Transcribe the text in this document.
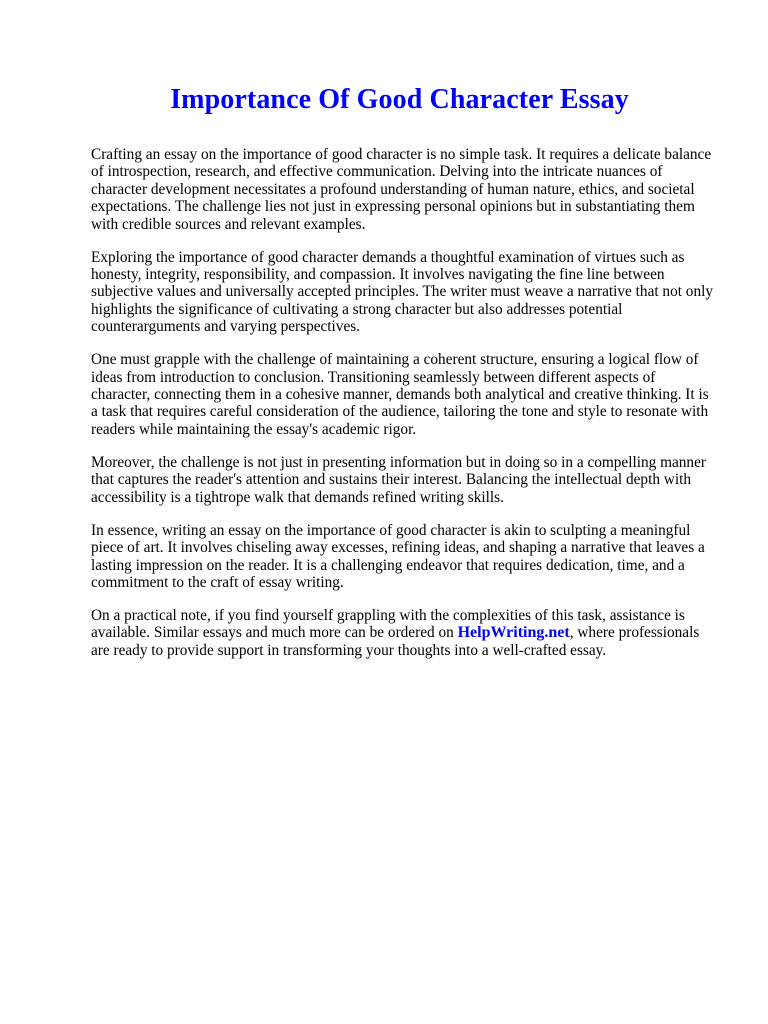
Importance Of Good Character Essay

Crafting an essay on the importance of good character is no simple task. It requires a delicate balance of introspection, research, and effective communication. Delving into the intricate nuances of character development necessitates a profound understanding of human nature, ethics, and societal expectations. The challenge lies not just in expressing personal opinions but in substantiating them with credible sources and relevant examples.

Exploring the importance of good character demands a thoughtful examination of virtues such as honesty, integrity, responsibility, and compassion. It involves navigating the fine line between subjective values and universally accepted principles. The writer must weave a narrative that not only highlights the significance of cultivating a strong character but also addresses potential counterarguments and varying perspectives.

One must grapple with the challenge of maintaining a coherent structure, ensuring a logical flow of ideas from introduction to conclusion. Transitioning seamlessly between different aspects of character, connecting them in a cohesive manner, demands both analytical and creative thinking. It is a task that requires careful consideration of the audience, tailoring the tone and style to resonate with readers while maintaining the essay's academic rigor.

Moreover, the challenge is not just in presenting information but in doing so in a compelling manner that captures the reader's attention and sustains their interest. Balancing the intellectual depth with accessibility is a tightrope walk that demands refined writing skills.

In essence, writing an essay on the importance of good character is akin to sculpting a meaningful piece of art. It involves chiseling away excesses, refining ideas, and shaping a narrative that leaves a lasting impression on the reader. It is a challenging endeavor that requires dedication, time, and a commitment to the craft of essay writing.

On a practical note, if you find yourself grappling with the complexities of this task, assistance is available. Similar essays and much more can be ordered on HelpWriting.net, where professionals are ready to provide support in transforming your thoughts into a well-crafted essay.
